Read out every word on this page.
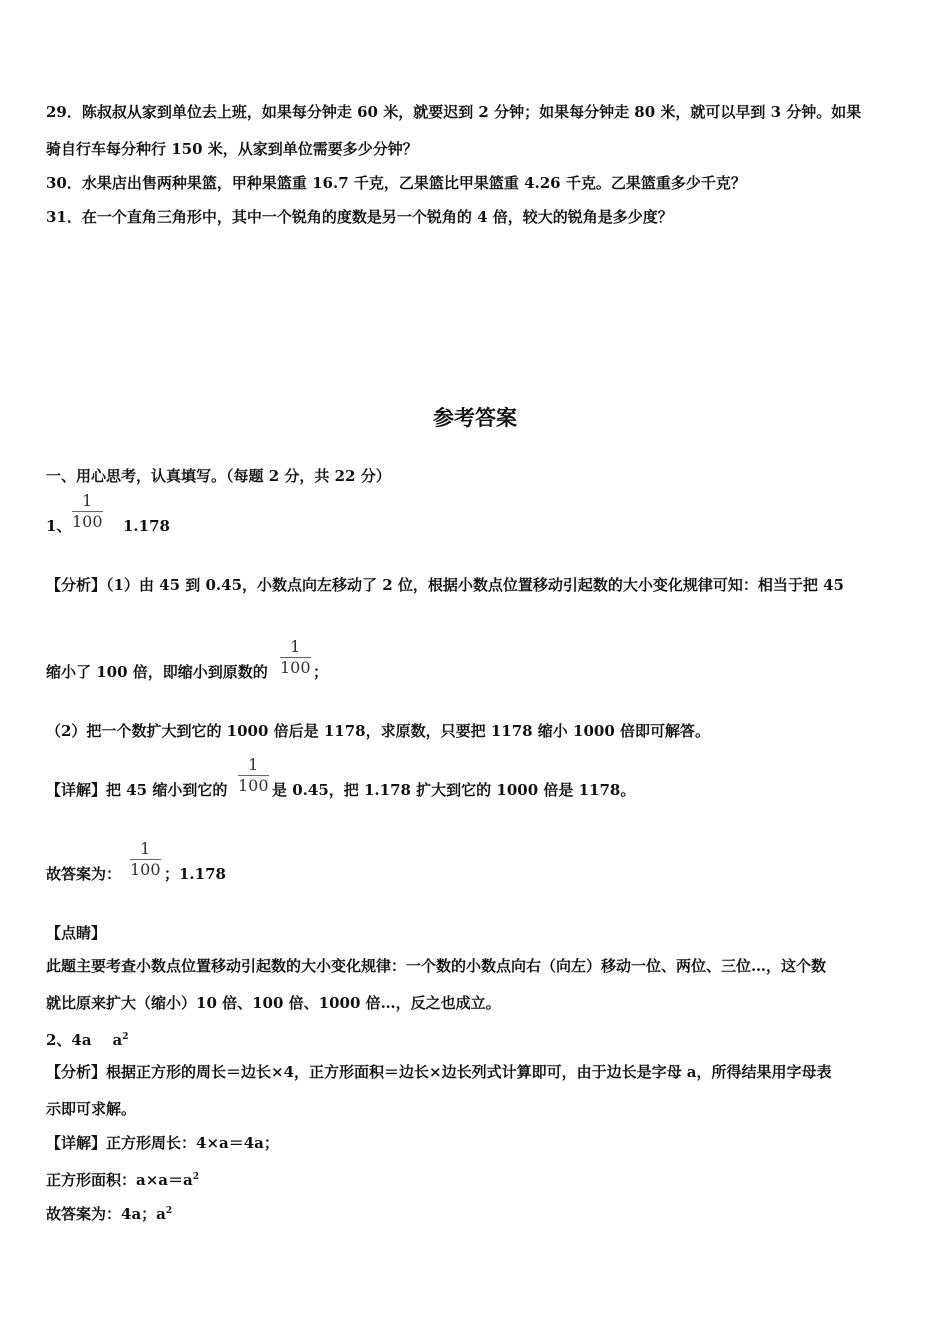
29．陈叔叔从家到单位去上班，如果每分钟走 60 米，就要迟到 2 分钟；如果每分钟走 80 米，就可以早到 3 分钟。如果
骑自行车每分种行 150 米，从家到单位需要多少分钟？
30．水果店出售两种果篮，甲种果篮重 16.7 千克，乙果篮比甲果篮重 4.26 千克。乙果篮重多少千克？
31．在一个直角三角形中，其中一个锐角的度数是另一个锐角的 4 倍，较大的锐角是多少度？
参考答案
一、用心思考，认真填写。（每题 2 分，共 22 分）
1、
1
100 1.178
【分析】（1）由 45 到 0.45，小数点向左移动了 2 位，根据小数点位置移动引起数的大小变化规律可知：相当于把 45
缩小了 100 倍，即缩小到原数的
1
100 ；
（2）把一个数扩大到它的 1000 倍后是 1178，求原数，只要把 1178 缩小 1000 倍即可解答。
【详解】把 45 缩小到它的
1
100 是 0.45，把 1.178 扩大到它的 1000 倍是 1178。
故答案为：
1
100 ；1.178
【点睛】
此题主要考查小数点位置移动引起数的大小变化规律：一个数的小数点向右（向左）移动一位、两位、三位…，这个数
就比原来扩大（缩小）10 倍、100 倍、1000 倍…，反之也成立。
2、4a    $a^2$
【分析】根据正方形的周长＝边长×4，正方形面积＝边长×边长列式计算即可，由于边长是字母 a，所得结果用字母表
示即可求解。
【详解】正方形周长：4×a＝4a；
正方形面积：$a\times a=a^2$
故答案为：4a；$a^2$
